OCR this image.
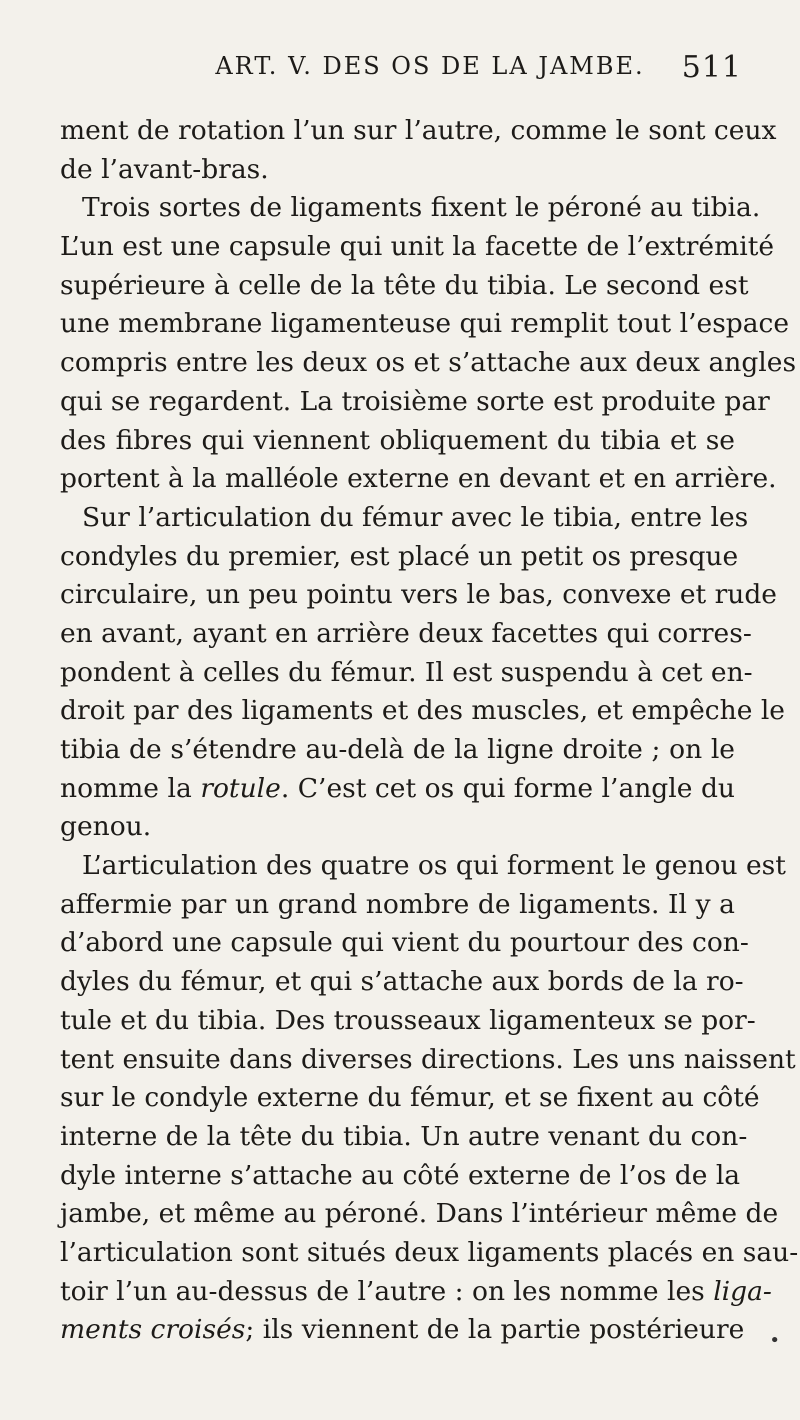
ART. V. DES OS DE LA JAMBE.	511
ment de rotation l’un sur l’autre, comme le sont ceux
de l’avant-bras.
Trois sortes de ligaments fixent le péroné au tibia.
L’un est une capsule qui unit la facette de l’extrémité
supérieure à celle de la tête du tibia. Le second est
une membrane ligamenteuse qui remplit tout l’espace
compris entre les deux os et s’attache aux deux angles
qui se regardent. La troisième sorte est produite par
des fibres qui viennent obliquement du tibia et se
portent à la malléole externe en devant et en arrière.
Sur l’articulation du fémur avec le tibia, entre les
condyles du premier, est placé un petit os presque
circulaire, un peu pointu vers le bas, convexe et rude
en avant, ayant en arrière deux facettes qui corres-
pondent à celles du fémur. Il est suspendu à cet en-
droit par des ligaments et des muscles, et empêche le
tibia de s’étendre au-delà de la ligne droite ; on le
nomme la rotule. C’est cet os qui forme l’angle du
genou.
L’articulation des quatre os qui forment le genou est
affermie par un grand nombre de ligaments. Il y a
d’abord une capsule qui vient du pourtour des con-
dyles du fémur, et qui s’attache aux bords de la ro-
tule et du tibia. Des trousseaux ligamenteux se por-
tent ensuite dans diverses directions. Les uns naissent
sur le condyle externe du fémur, et se fixent au côté
interne de la tête du tibia. Un autre venant du con-
dyle interne s’attache au côté externe de l’os de la
jambe, et même au péroné. Dans l’intérieur même de
l’articulation sont situés deux ligaments placés en sau-
toir l’un au-dessus de l’autre : on les nomme les liga-
ments croisés; ils viennent de la partie postérieure •
